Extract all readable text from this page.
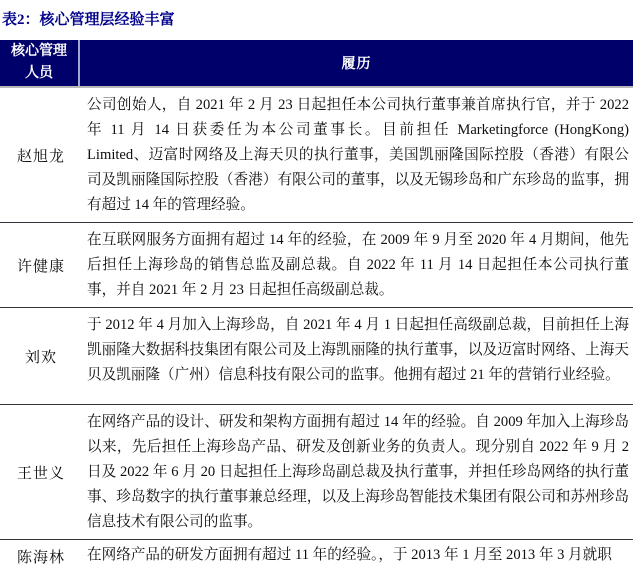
表2：核心管理层经验丰富
核心管理人员
履历
赵旭龙
公司创始人，自 2021 年 2 月 23 日起担任本公司执行董事兼首席执行官，并于 2022 年 11 月 14 日获委任为本公司董事长。目前担任 Marketingforce (HongKong) Limited、迈富时网络及上海天贝的执行董事，美国凯丽隆国际控股（香港）有限公司及凯丽隆国际控股（香港）有限公司的董事，以及无锡珍岛和广东珍岛的监事，拥有超过 14 年的管理经验。
许健康
在互联网服务方面拥有超过 14 年的经验，在 2009 年 9 月至 2020 年 4 月期间，他先后担任上海珍岛的销售总监及副总裁。自 2022 年 11 月 14 日起担任本公司执行董事，并自 2021 年 2 月 23 日起担任高级副总裁。
刘欢
于 2012 年 4 月加入上海珍岛，自 2021 年 4 月 1 日起担任高级副总裁，目前担任上海凯丽隆大数据科技集团有限公司及上海凯丽隆的执行董事，以及迈富时网络、上海天贝及凯丽隆（广州）信息科技有限公司的监事。他拥有超过 21 年的营销行业经验。
王世义
在网络产品的设计、研发和架构方面拥有超过 14 年的经验。自 2009 年加入上海珍岛以来，先后担任上海珍岛产品、研发及创新业务的负责人。现分别自 2022 年 9 月 2 日及 2022 年 6 月 20 日起担任上海珍岛副总裁及执行董事，并担任珍岛网络的执行董事、珍岛数字的执行董事兼总经理，以及上海珍岛智能技术集团有限公司和苏州珍岛信息技术有限公司的监事。
陈海林	在网络产品的研发方面拥有超过 11 年的经验。，于 2013 年 1 月至 2013 年 3 月就职
